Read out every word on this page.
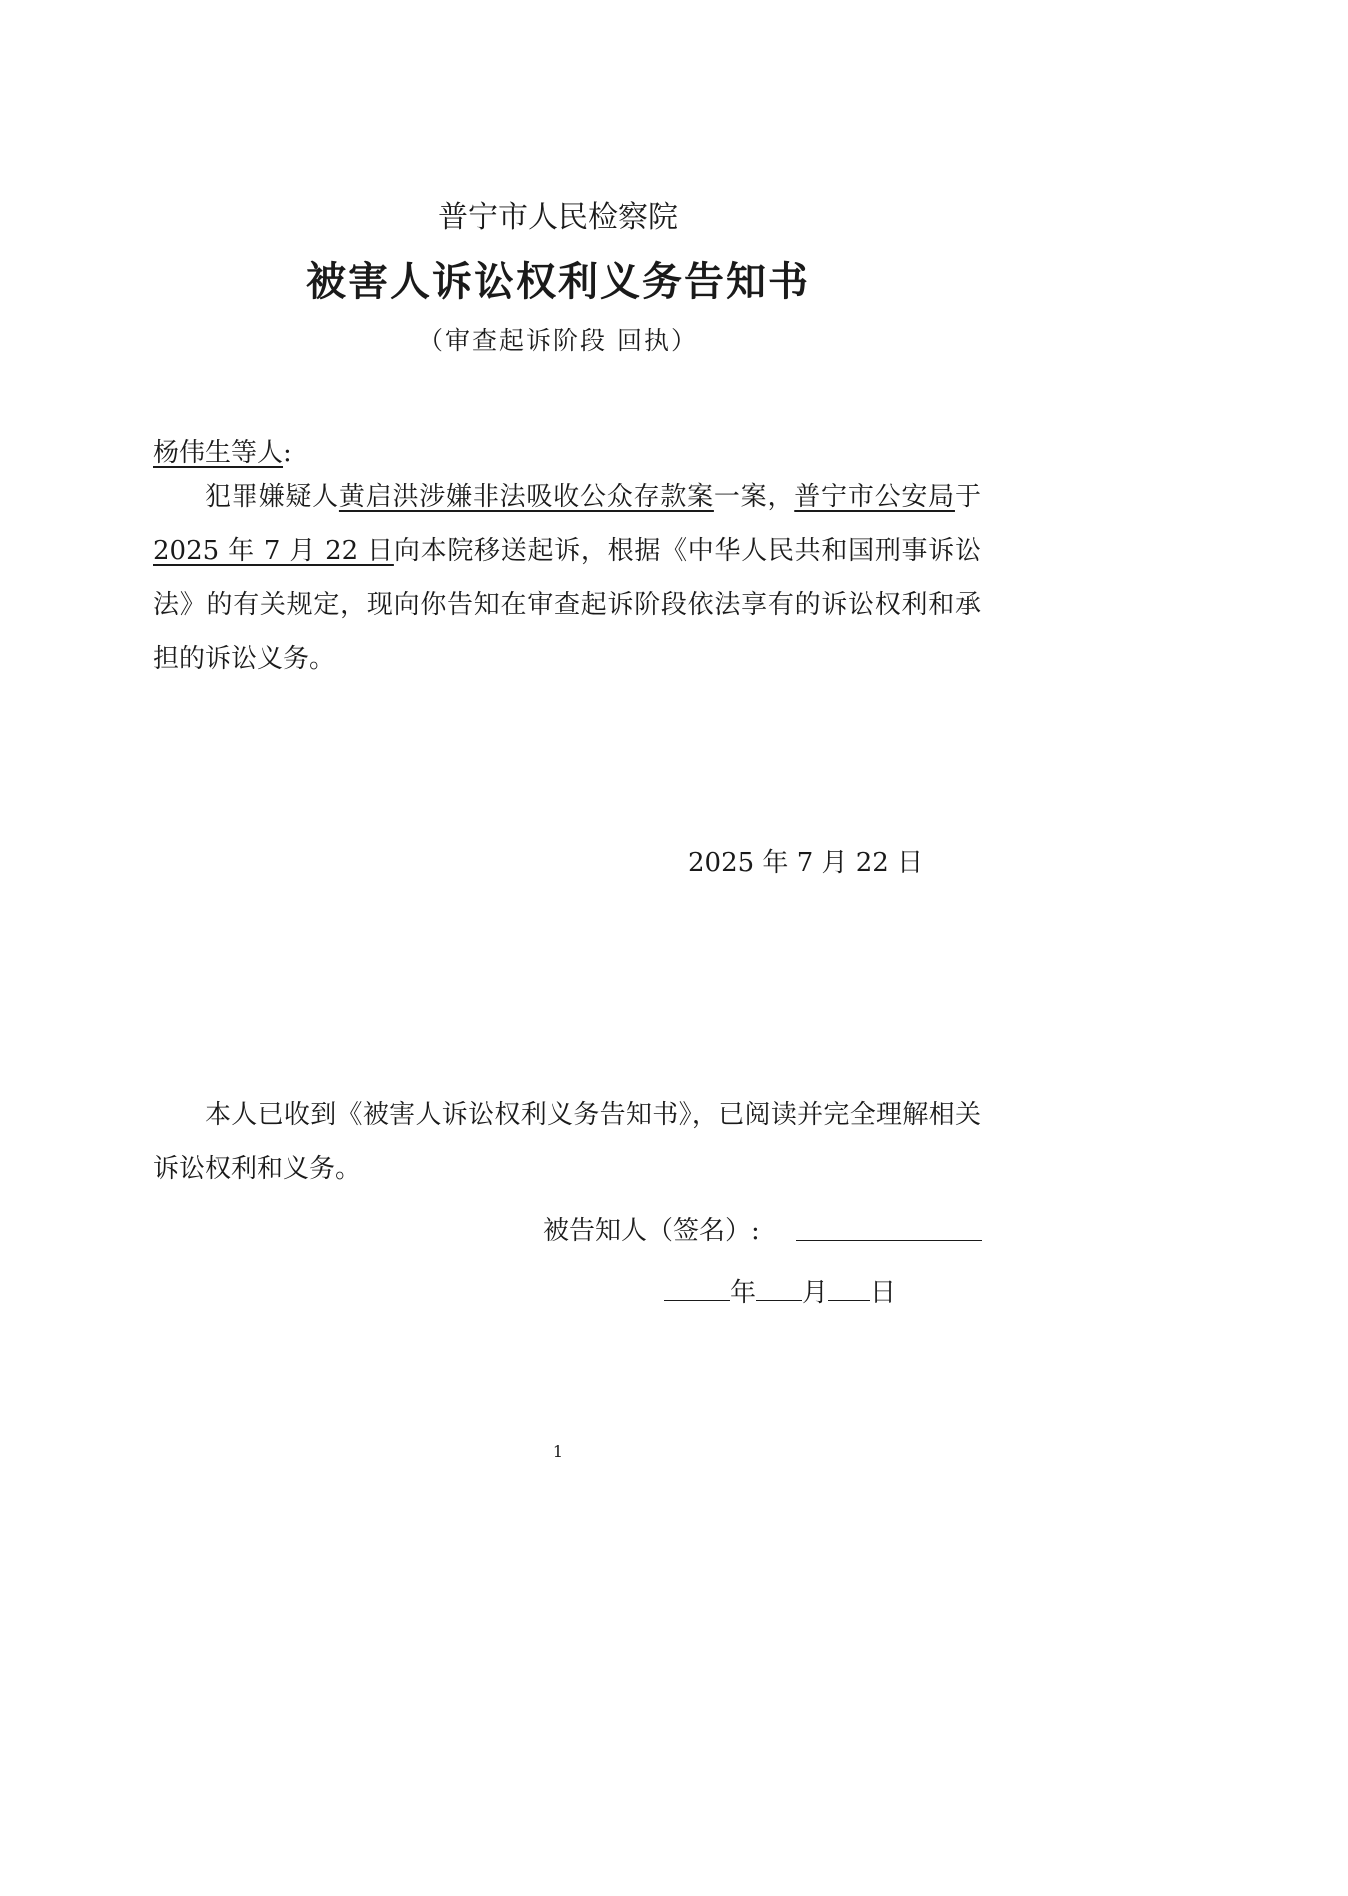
普宁市人民检察院
被害人诉讼权利义务告知书
（审查起诉阶段 回执）
杨伟生等人:
犯罪嫌疑人黄启洪涉嫌非法吸收公众存款案一案，普宁市公安局于 2025 年 7 月 22 日向本院移送起诉，根据《中华人民共和国刑事诉讼法》的有关规定，现向你告知在审查起诉阶段依法享有的诉讼权利和承担的诉讼义务。
2025 年 7 月 22 日
本人已收到《被害人诉讼权利义务告知书》，已阅读并完全理解相关诉讼权利和义务。
被告知人（签名）:
年 月 日
1
